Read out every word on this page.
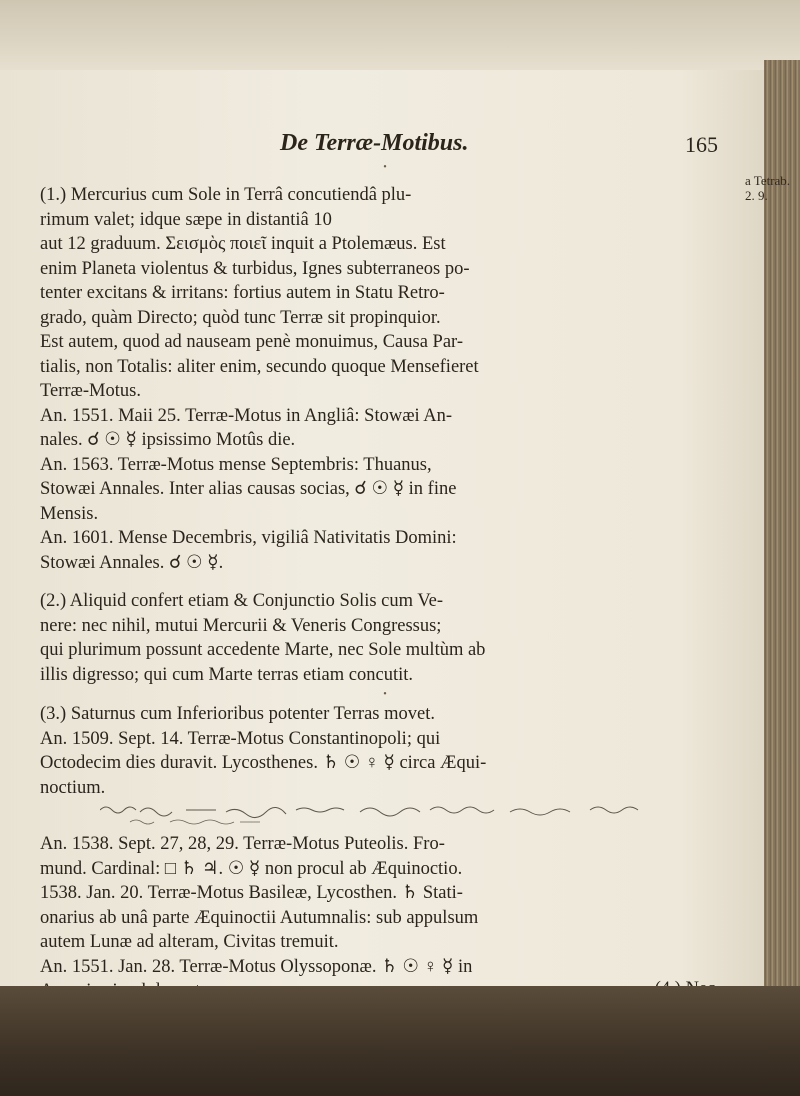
De Terræ-Motibus.	165
a Tetrab.
2. 9.
•

(1.) Mercurius cum Sole in Terrâ concutiendâ plu-

rimum valet; idque sæpe in distantiâ 10

aut 12 graduum. Σεισμὸς ποιεῖ inquit a Ptolemæus. Est

enim Planeta violentus & turbidus, Ignes subterraneos po-

tenter excitans & irritans: fortius autem in Statu Retro-

grado, quàm Directo; quòd tunc Terræ sit propinquior.

Est autem, quod ad nauseam penè monuimus, Causa Par-

tialis, non Totalis: aliter enim, secundo quoque Mensefieret

Terræ-Motus.

An. 1551. Maii 25. Terræ-Motus in Angliâ: Stowæi An-

nales. ☌ ☉ ☿ ipsissimo Motûs die.

An. 1563. Terræ-Motus mense Septembris: Thuanus,

Stowæi Annales. Inter alias causas socias, ☌ ☉ ☿ in fine

Mensis.

An. 1601. Mense Decembris, vigiliâ Nativitatis Domini:

Stowæi Annales. ☌ ☉ ☿.

(2.) Aliquid confert etiam & Conjunctio Solis cum Ve-

nere: nec nihil, mutui Mercurii & Veneris Congressus;

qui plurimum possunt accedente Marte, nec Sole multùm ab

illis digresso; qui cum Marte terras etiam concutit.

•

(3.) Saturnus cum Inferioribus potenter Terras movet.

An. 1509. Sept. 14. Terræ-Motus Constantinopoli; qui

Octodecim dies duravit. Lycosthenes. ♄ ☉ ♀ ☿ circa Æqui-

noctium.

An. 1538. Sept. 27, 28, 29. Terræ-Motus Puteolis. Fro-

mund. Cardinal: □ ♄ ♃. ☉ ☿ non procul ab Æquinoctio.

1538. Jan. 20. Terræ-Motus Basileæ, Lycosthen. ♄ Stati-

onarius ab unâ parte Æquinoctii Autumnalis: sub appulsum

autem Lunæ ad alteram, Civitas tremuit.

An. 1551. Jan. 28. Terræ-Motus Olyssoponæ. ♄ ☉ ♀ ☿ in
